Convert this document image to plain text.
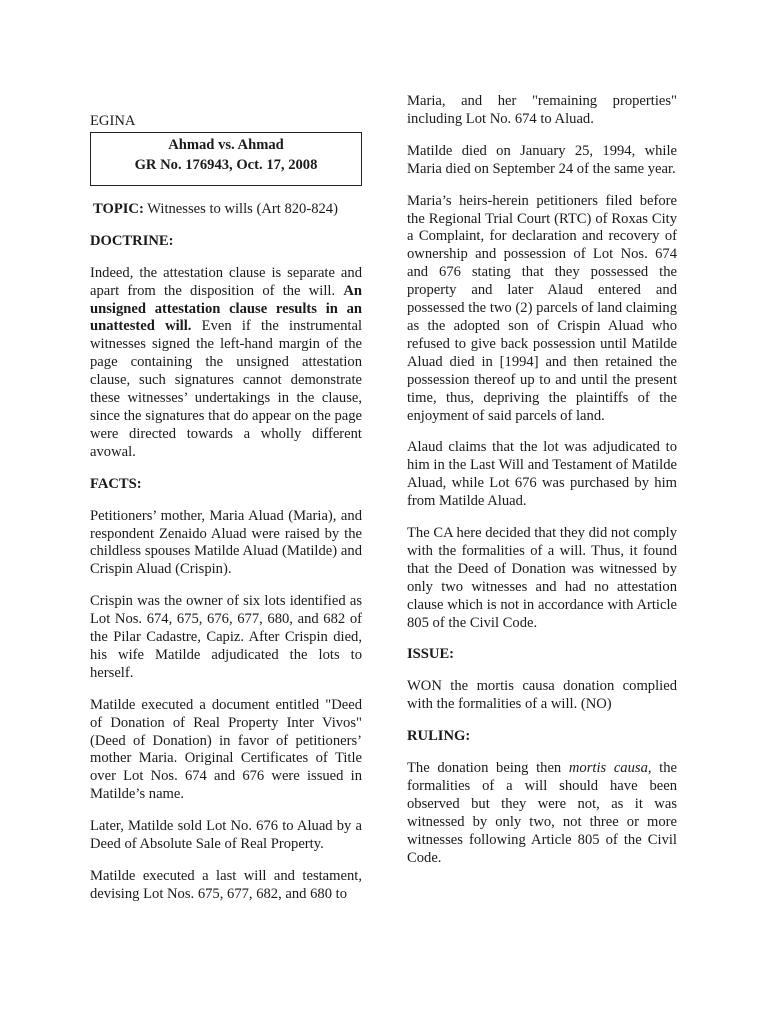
EGINA
Ahmad vs. Ahmad
GR No. 176943, Oct. 17, 2008

TOPIC: Witnesses to wills (Art 820-824)

DOCTRINE:

Indeed, the attestation clause is separate and apart from the disposition of the will. An unsigned attestation clause results in an unattested will. Even if the instrumental witnesses signed the left-hand margin of the page containing the unsigned attestation clause, such signatures cannot demonstrate these witnesses’ undertakings in the clause, since the signatures that do appear on the page were directed towards a wholly different avowal.

FACTS:

Petitioners’ mother, Maria Aluad (Maria), and respondent Zenaido Aluad were raised by the childless spouses Matilde Aluad (Matilde) and Crispin Aluad (Crispin).

Crispin was the owner of six lots identified as Lot Nos. 674, 675, 676, 677, 680, and 682 of the Pilar Cadastre, Capiz. After Crispin died, his wife Matilde adjudicated the lots to herself.

Matilde executed a document entitled "Deed of Donation of Real Property Inter Vivos" (Deed of Donation) in favor of petitioners’ mother Maria. Original Certificates of Title over Lot Nos. 674 and 676 were issued in Matilde’s name.

Later, Matilde sold Lot No. 676 to Aluad by a Deed of Absolute Sale of Real Property.

Matilde executed a last will and testament, devising Lot Nos. 675, 677, 682, and 680 to

Maria, and her "remaining properties" including Lot No. 674 to Aluad.

Matilde died on January 25, 1994, while Maria died on September 24 of the same year.

Maria’s heirs-herein petitioners filed before the Regional Trial Court (RTC) of Roxas City a Complaint, for declaration and recovery of ownership and possession of Lot Nos. 674 and 676 stating that they possessed the property and later Alaud entered and possessed the two (2) parcels of land claiming as the adopted son of Crispin Aluad who refused to give back possession until Matilde Aluad died in [1994] and then retained the possession thereof up to and until the present time, thus, depriving the plaintiffs of the enjoyment of said parcels of land.

Alaud claims that the lot was adjudicated to him in the Last Will and Testament of Matilde Aluad, while Lot 676 was purchased by him from Matilde Aluad.

The CA here decided that they did not comply with the formalities of a will. Thus, it found that the Deed of Donation was witnessed by only two witnesses and had no attestation clause which is not in accordance with Article 805 of the Civil Code.

ISSUE:

WON the mortis causa donation complied with the formalities of a will. (NO)

RULING:

The donation being then mortis causa, the formalities of a will should have been observed but they were not, as it was witnessed by only two, not three or more witnesses following Article 805 of the Civil Code.
